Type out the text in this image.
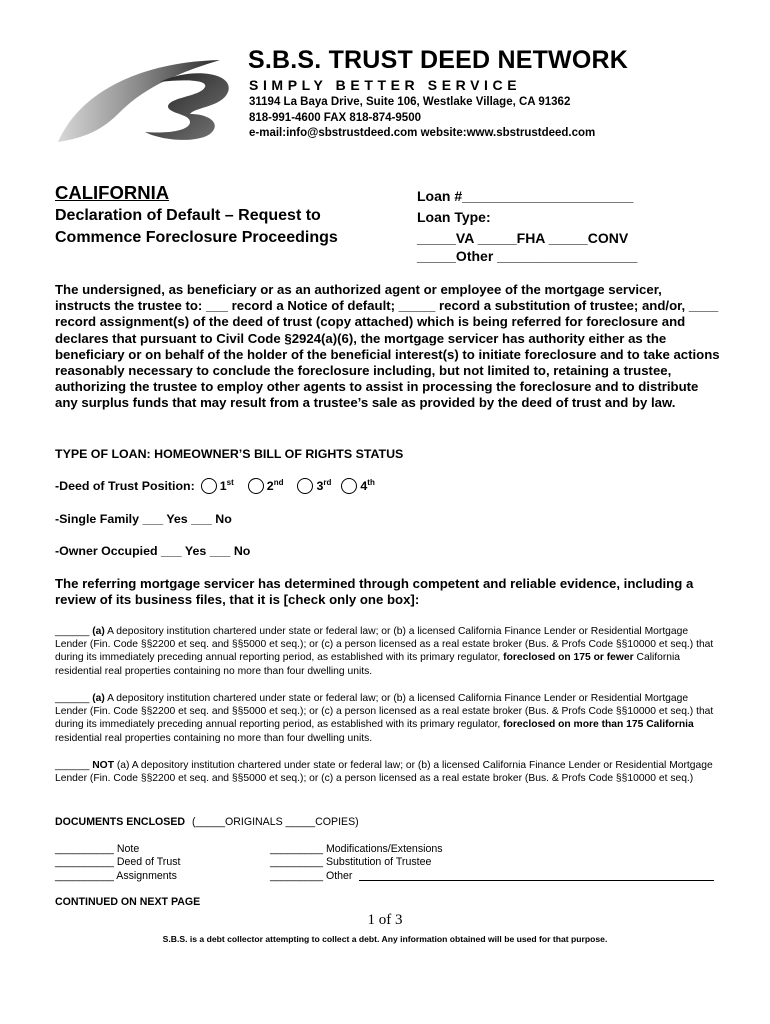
S.B.S. TRUST DEED NETWORK
SIMPLY BETTER SERVICE
31194 La Baya Drive, Suite 106, Westlake Village, CA 91362
818-991-4600 FAX 818-874-9500
e-mail:info@sbstrustdeed.com website:www.sbstrustdeed.com
CALIFORNIA
Declaration of Default – Request to
Commence Foreclosure Proceedings
Loan #______________________
Loan Type:
_____VA _____FHA _____CONV
_____Other __________________
The undersigned, as beneficiary or as an authorized agent or employee of the mortgage servicer, instructs the trustee to: ___ record a Notice of default; _____ record a substitution of trustee; and/or, ____ record assignment(s) of the deed of trust (copy attached) which is being referred for foreclosure and declares that pursuant to Civil Code §2924(a)(6), the mortgage servicer has authority either as the beneficiary or on behalf of the holder of the beneficial interest(s) to initiate foreclosure and to take actions reasonably necessary to conclude the foreclosure including, but not limited to, retaining a trustee, authorizing the trustee to employ other agents to assist in processing the foreclosure and to distribute any surplus funds that may result from a trustee’s sale as provided by the deed of trust and by law.
TYPE OF LOAN: HOMEOWNER’S BILL OF RIGHTS STATUS
-Deed of Trust Position: 1st	2nd	3rd 4th
-Single Family ___ Yes ___ No
-Owner Occupied ___ Yes ___ No
The referring mortgage servicer has determined through competent and reliable evidence, including a review of its business files, that it is [check only one box]:
______ (a) A depository institution chartered under state or federal law; or (b) a licensed California Finance Lender or Residential Mortgage Lender (Fin. Code §§2200 et seq. and §§5000 et seq.); or (c) a person licensed as a real estate broker (Bus. & Profs Code §§10000 et seq.) that during its immediately preceding annual reporting period, as established with its primary regulator, foreclosed on 175 or fewer California residential real properties containing no more than four dwelling units.
______ (a) A depository institution chartered under state or federal law; or (b) a licensed California Finance Lender or Residential Mortgage Lender (Fin. Code §§2200 et seq. and §§5000 et seq.); or (c) a person licensed as a real estate broker (Bus. & Profs Code §§10000 et seq.) that during its immediately preceding annual reporting period, as established with its primary regulator, foreclosed on more than 175 California residential real properties containing no more than four dwelling units.
______ NOT (a) A depository institution chartered under state or federal law; or (b) a licensed California Finance Lender or Residential Mortgage Lender (Fin. Code §§2200 et seq. and §§5000 et seq.); or (c) a person licensed as a real estate broker (Bus. & Profs Code §§10000 et seq.)
DOCUMENTS ENCLOSED (_____ORIGINALS _____COPIES)
__________ Note
__________ Deed of Trust
__________ Assignments
_________ Modifications/Extensions
_________ Substitution of Trustee
_________ Other
CONTINUED ON NEXT PAGE
1 of 3
S.B.S. is a debt collector attempting to collect a debt. Any information obtained will be used for that purpose.
